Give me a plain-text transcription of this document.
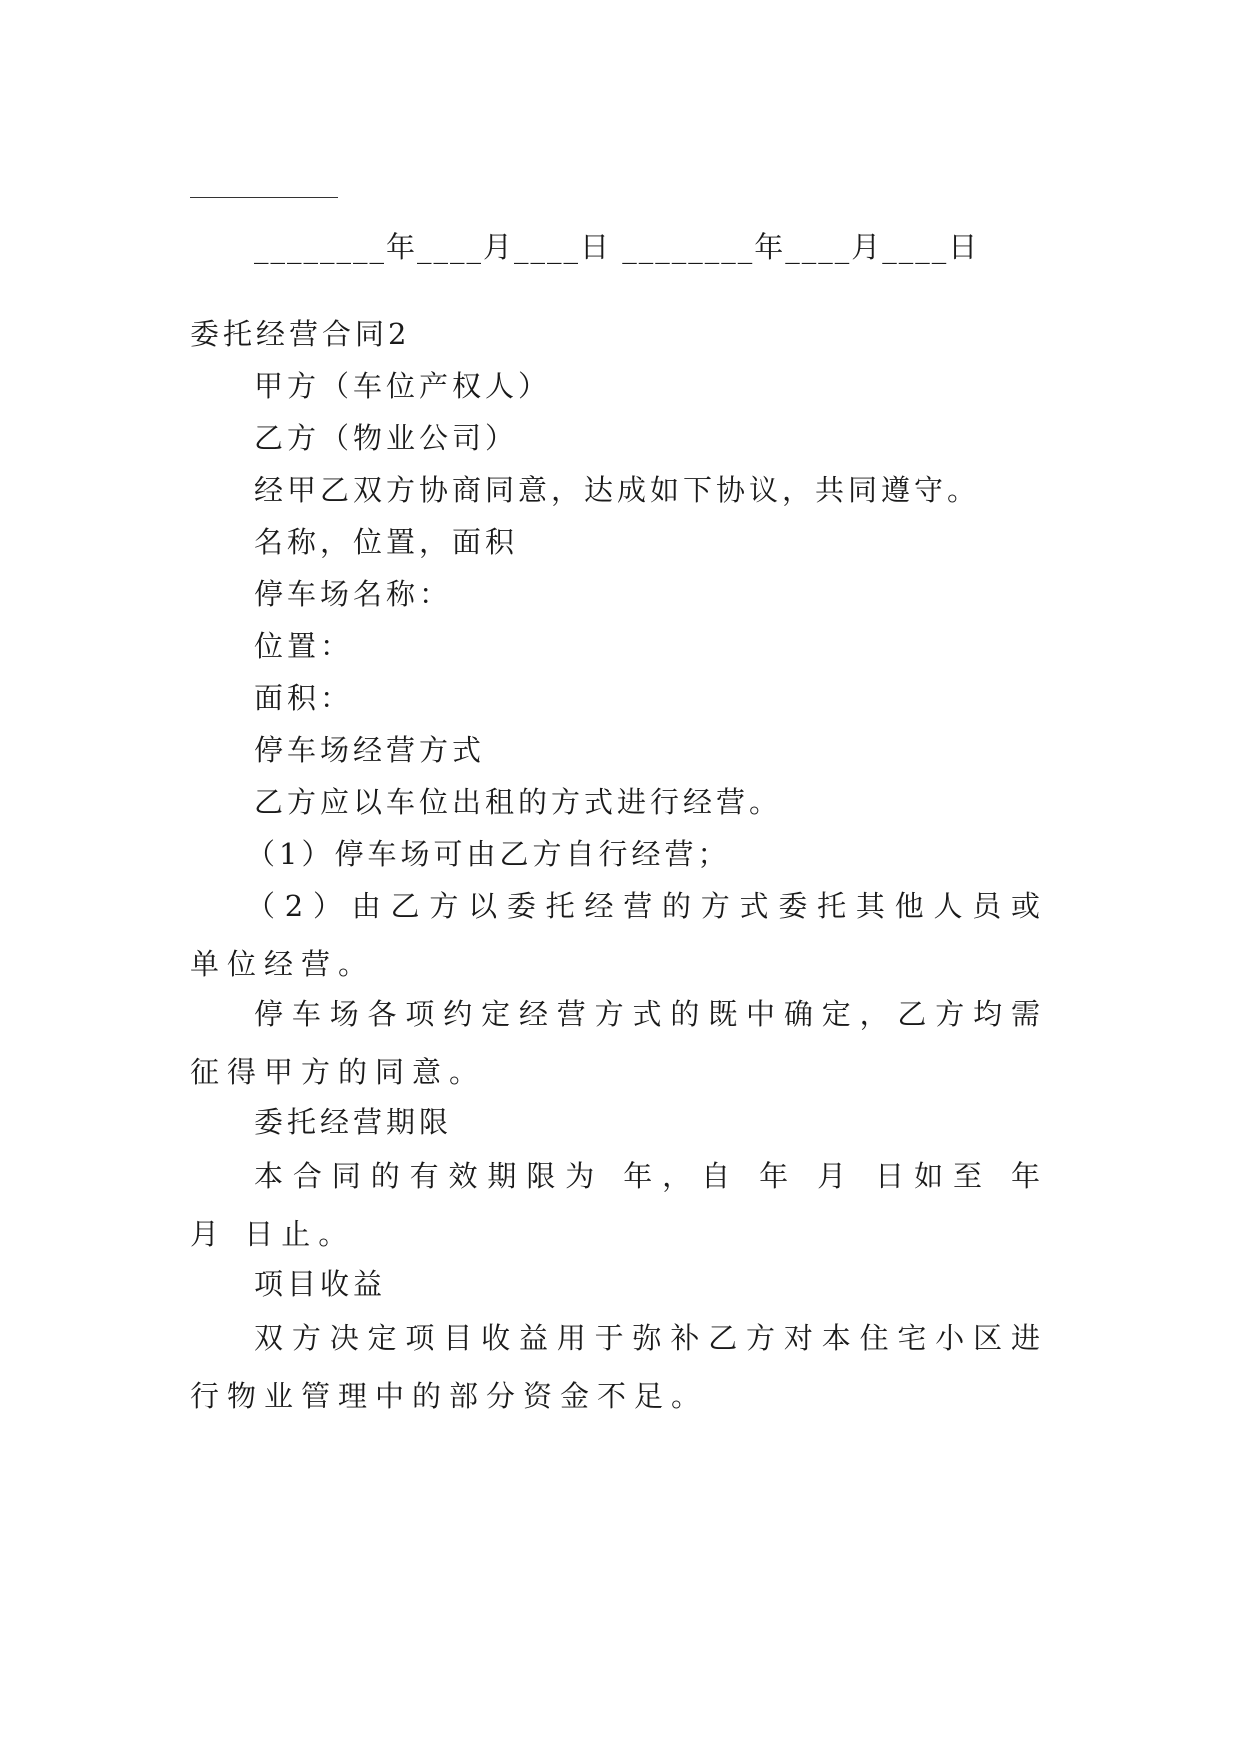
________年____月____日 ________年____月____日
委托经营合同2
甲方（车位产权人）
乙方（物业公司）
经甲乙双方协商同意，达成如下协议，共同遵守。
名称，位置，面积
停车场名称：
位置：
面积：
停车场经营方式
乙方应以车位出租的方式进行经营。
（1）停车场可由乙方自行经营；
（2）由乙方以委托经营的方式委托其他人员或单位经营。
停车场各项约定经营方式的既中确定，乙方均需征得甲方的同意。
委托经营期限
本合同的有效期限为 年，自 年 月 日如至 年 月 日止。
项目收益
双方决定项目收益用于弥补乙方对本住宅小区进行物业管理中的部分资金不足。
